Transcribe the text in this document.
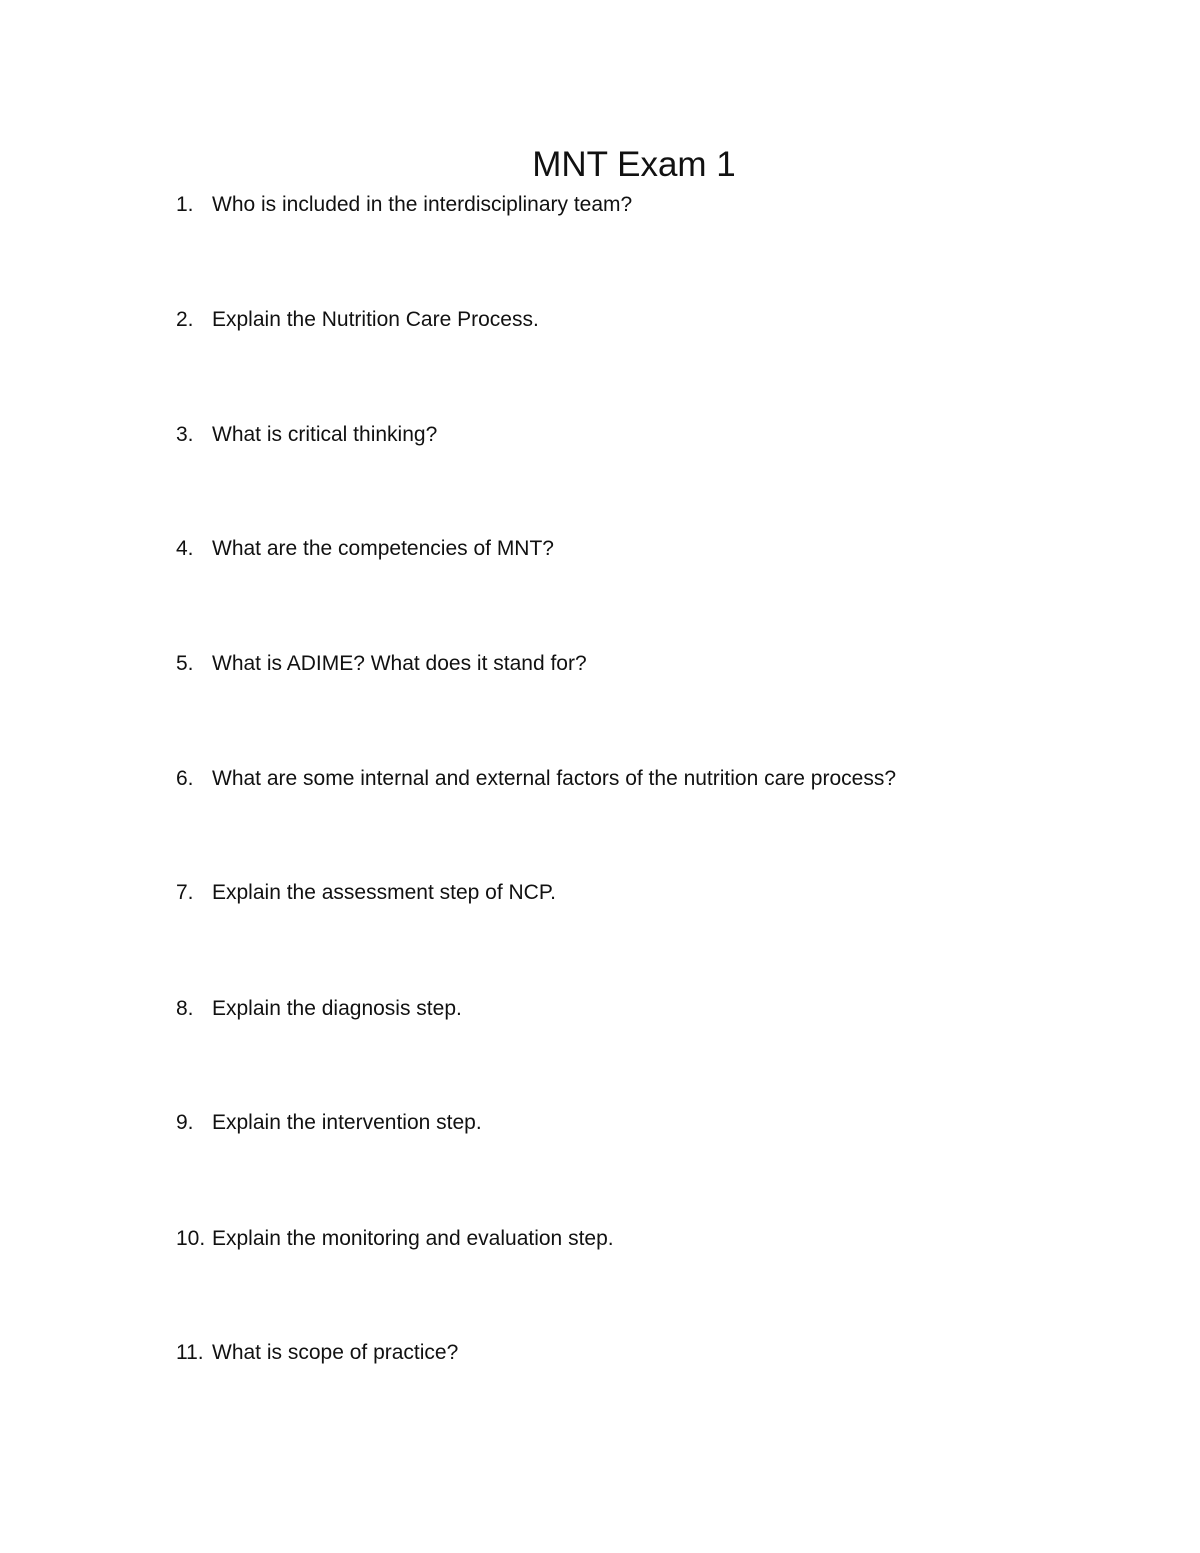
MNT Exam 1
1. Who is included in the interdisciplinary team?
2. Explain the Nutrition Care Process.
3. What is critical thinking?
4. What are the competencies of MNT?
5. What is ADIME? What does it stand for?
6. What are some internal and external factors of the nutrition care process?
7. Explain the assessment step of NCP.
8. Explain the diagnosis step.
9. Explain the intervention step.
10. Explain the monitoring and evaluation step.
11. What is scope of practice?
